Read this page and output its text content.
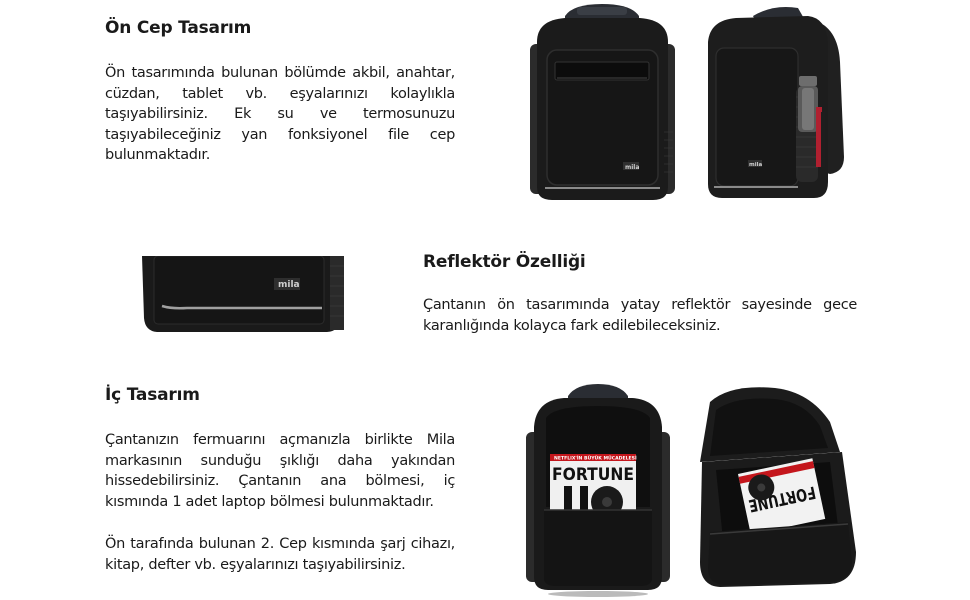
Ön Cep Tasarım

Ön tasarımında bulunan bölümde akbil, anahtar, cüzdan, tablet vb. eşyalarınızı kolaylıkla taşıyabilirsiniz. Ek su ve termosunuzu taşıyabileceğiniz yan fonksiyonel file cep bulunmaktadır.

mila	mila
mila
Reflektör Özelliği

Çantanın ön tasarımında yatay reflektör sayesinde gece karanlığında kolayca fark edilebileceksiniz.

İç Tasarım

Çantanızın fermuarını açmanızla birlikte Mila markasının sunduğu şıklığı daha yakından hissedebilirsiniz. Çantanın ana bölmesi, iç kısmında 1 adet laptop bölmesi bulunmaktadır.

Ön tarafında bulunan 2. Cep kısmında şarj cihazı, kitap, defter vb. eşyalarınızı taşıyabilirsiniz.

NETFLIX'İN BÜYÜK MÜCADELESİ
FORTUNE
FORTUNE
